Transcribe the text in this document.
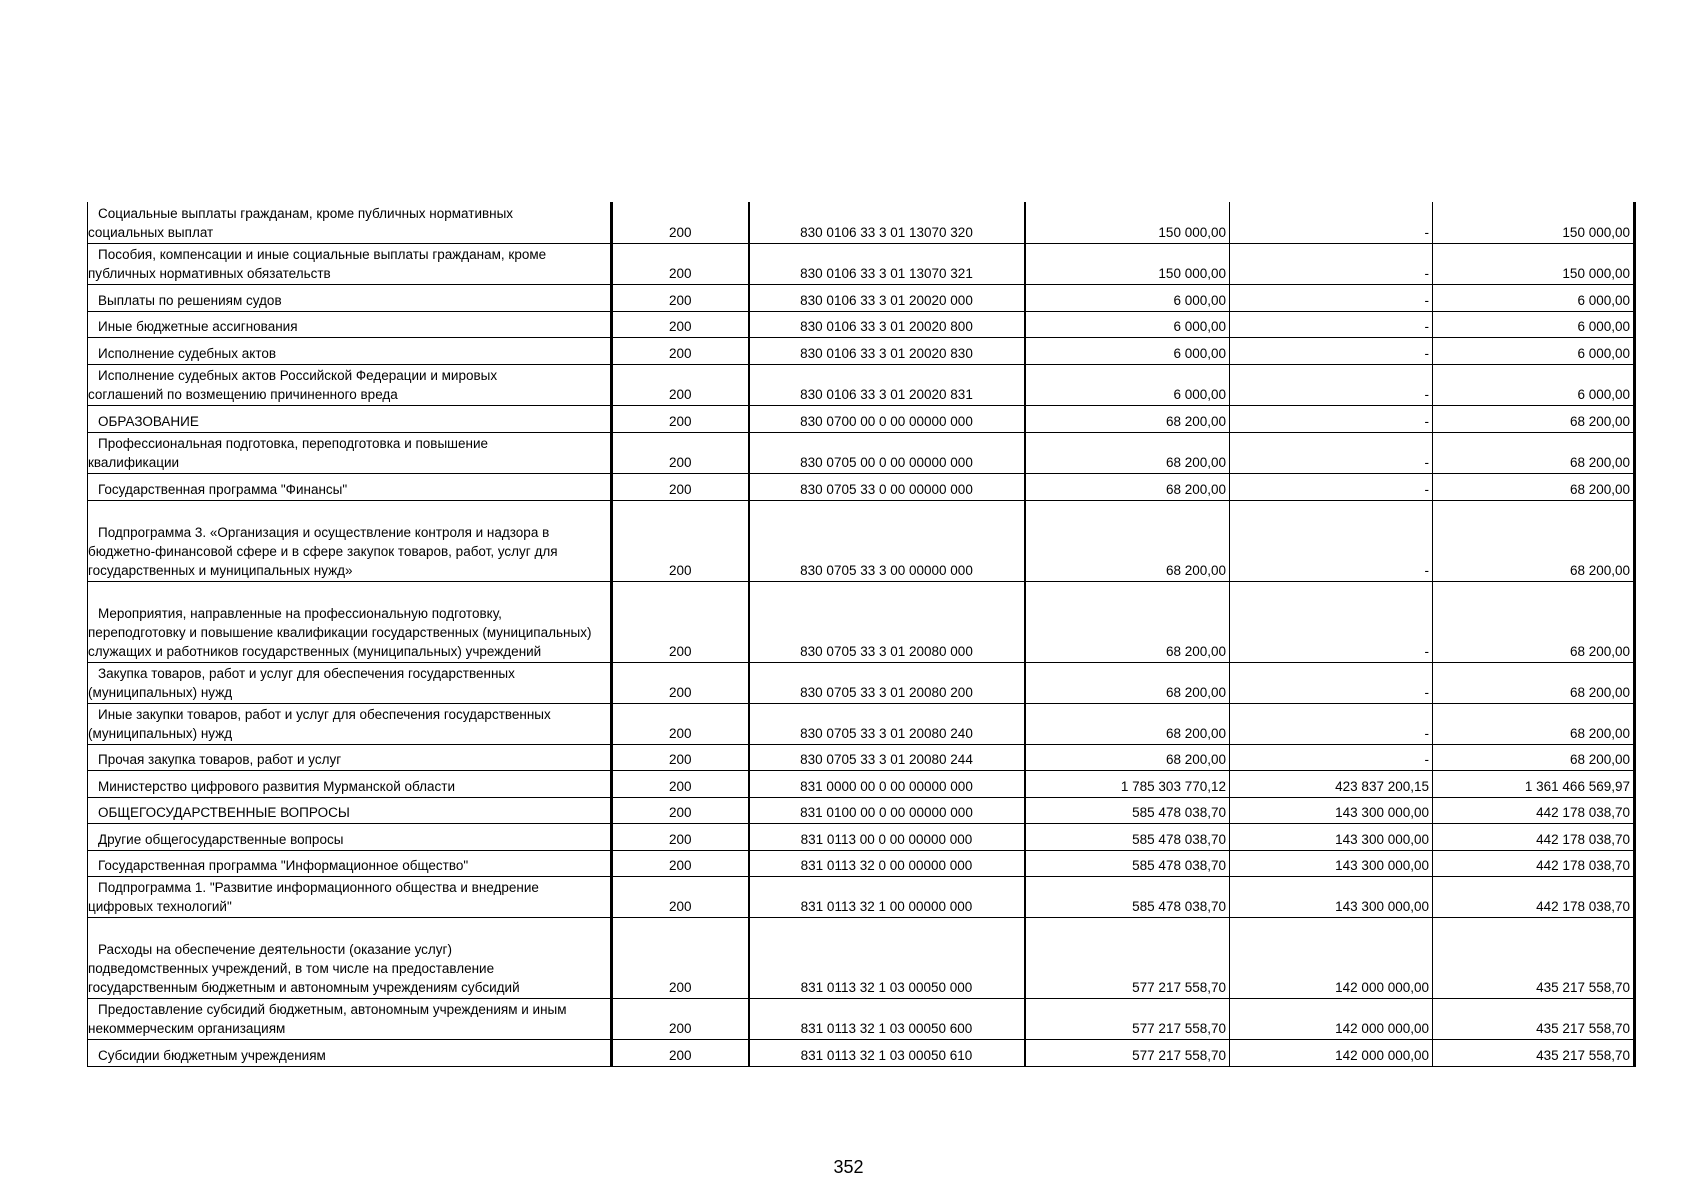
Социальные выплаты гражданам, кроме публичных нормативных
социальных выплат	200	830 0106 33 3 01 13070 320	150 000,00	-	150 000,00

Пособия, компенсации и иные социальные выплаты гражданам, кроме
публичных нормативных обязательств	200	830 0106 33 3 01 13070 321	150 000,00	-	150 000,00

Выплаты по решениям судов	200	830 0106 33 3 01 20020 000	6 000,00	-	6 000,00

Иные бюджетные ассигнования	200	830 0106 33 3 01 20020 800	6 000,00	-	6 000,00

Исполнение судебных актов	200	830 0106 33 3 01 20020 830	6 000,00	-	6 000,00

Исполнение судебных актов Российской Федерации и мировых
соглашений по возмещению причиненного вреда	200	830 0106 33 3 01 20020 831	6 000,00	-	6 000,00

ОБРАЗОВАНИЕ	200	830 0700 00 0 00 00000 000	68 200,00	-	68 200,00

Профессиональная подготовка, переподготовка и повышение
квалификации	200	830 0705 00 0 00 00000 000	68 200,00	-	68 200,00

Государственная программа "Финансы"	200	830 0705 33 0 00 00000 000	68 200,00	-	68 200,00

Подпрограмма 3. «Организация и осуществление контроля и надзора в
бюджетно-финансовой сфере и в сфере закупок товаров, работ, услуг для государственных и муниципальных нужд»	200	830 0705 33 3 00 00000 000	68 200,00	-	68 200,00

Мероприятия, направленные на профессиональную подготовку,
переподготовку и повышение квалификации государственных (муниципальных) служащих и работников государственных (муниципальных) учреждений	200	830 0705 33 3 01 20080 000	68 200,00	-	68 200,00

Закупка товаров, работ и услуг для обеспечения государственных
(муниципальных) нужд	200	830 0705 33 3 01 20080 200	68 200,00	-	68 200,00

Иные закупки товаров, работ и услуг для обеспечения государственных
(муниципальных) нужд	200	830 0705 33 3 01 20080 240	68 200,00	-	68 200,00

Прочая закупка товаров, работ и услуг	200	830 0705 33 3 01 20080 244	68 200,00	-	68 200,00

Министерство цифрового развития Мурманской области	200	831 0000 00 0 00 00000 000	1 785 303 770,12	423 837 200,15	1 361 466 569,97

ОБЩЕГОСУДАРСТВЕННЫЕ ВОПРОСЫ	200	831 0100 00 0 00 00000 000	585 478 038,70	143 300 000,00	442 178 038,70

Другие общегосударственные вопросы	200	831 0113 00 0 00 00000 000	585 478 038,70	143 300 000,00	442 178 038,70

Государственная программа "Информационное общество"	200	831 0113 32 0 00 00000 000	585 478 038,70	143 300 000,00	442 178 038,70

Подпрограмма 1. "Развитие информационного общества и внедрение
цифровых технологий"	200	831 0113 32 1 00 00000 000	585 478 038,70	143 300 000,00	442 178 038,70

Расходы на обеспечение деятельности (оказание услуг)
подведомственных учреждений, в том числе на предоставление государственным бюджетным и автономным учреждениям субсидий	200	831 0113 32 1 03 00050 000	577 217 558,70	142 000 000,00	435 217 558,70

Предоставление субсидий бюджетным, автономным учреждениям и иным
некоммерческим организациям	200	831 0113 32 1 03 00050 600	577 217 558,70	142 000 000,00	435 217 558,70

Субсидии бюджетным учреждениям	200	831 0113 32 1 03 00050 610	577 217 558,70	142 000 000,00	435 217 558,70
352
